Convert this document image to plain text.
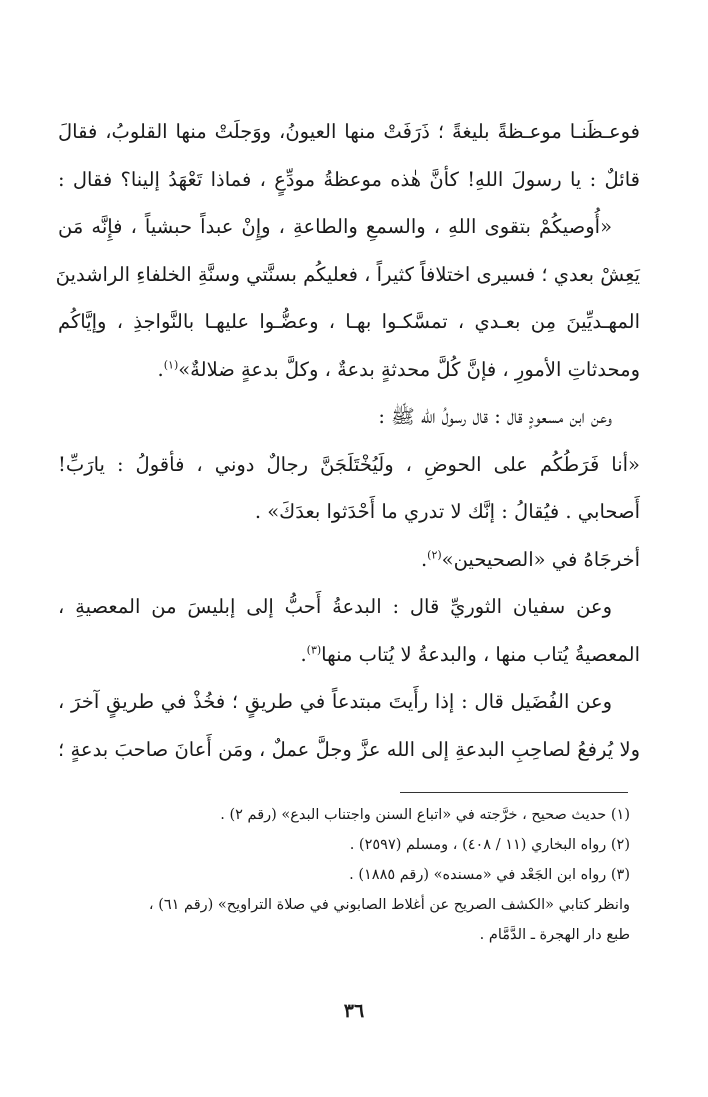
فوعـظَنـا موعـظةً بليغةً ؛ ذَرَفَتْ منها العيونُ، ووَجلَتْ منها القلوبُ، فقالَ
قائلٌ : يا رسولَ اللهِ! كأنَّ هٰذه موعظةُ مودِّعٍ ، فماذا تَعْهَدُ إلينا؟ فقال :
«أُوصيكُمْ بتقوى اللهِ ، والسمعِ والطاعةِ ، وإِنْ عبداً حبشياً ، فإِنَّه مَن
يَعِشْ بعدي ؛ فسيرى اختلافاً كثيراً ، فعليكُم بسنَّتي وسنَّةِ الخلفاءِ الراشدينَ
المهـديِّينَ مِن بعـدي ، تمسَّكـوا بهـا ، وعضُّـوا عليهـا بالنَّواجذِ ، وإيَّاكُم
ومحدثاتِ الأمورِ ، فإنَّ كُلَّ محدثةٍ بدعةٌ ، وكلَّ بدعةٍ ضلالةٌ»$^{(١)}$.
وعن ابن مسعودٍ قال : قال رسولُ الله ﷺ :
«أنا فَرَطُكُم على الحوضِ ، ولَيُخْتَلَجَنَّ رجالٌ دوني ، فأقولُ : يارَبِّ!
أَصحابي . فيُقالُ : إنَّك لا تدري ما أَحْدَثوا بعدَكَ» .
أخرجَاهُ في «الصحيحين»$^{(٢)}$.
وعن سفيان الثوريِّ قال : البدعةُ أَحبُّ إلى إبليسَ من المعصيةِ ،
المعصيةُ يُتاب منها ، والبدعةُ لا يُتاب منها$^{(٣)}$.
وعن الفُضَيل قال : إذا رأَيتَ مبتدعاً في طريقٍ ؛ فخُذْ في طريقٍ آخرَ ،
ولا يُرفعُ لصاحِبِ البدعةِ إلى الله عزَّ وجلَّ عملٌ ، ومَن أَعانَ صاحبَ بدعةٍ ؛

(١) حديث صحيح ، خرَّجته في «اتباع السنن واجتناب البدع» (رقم ٢) .

(٢) رواه البخاري (١١ / ٤٠٨) ، ومسلم (٢٥٩٧) .

(٣) رواه ابن الجَعْد في «مسنده» (رقم ١٨٨٥) .

وانظر كتابي «الكشف الصريح عن أغلاط الصابوني في صلاة التراويح» (رقم ٦١) ،

طبع دار الهجرة ـ الدَّمَّام .

٣٦
